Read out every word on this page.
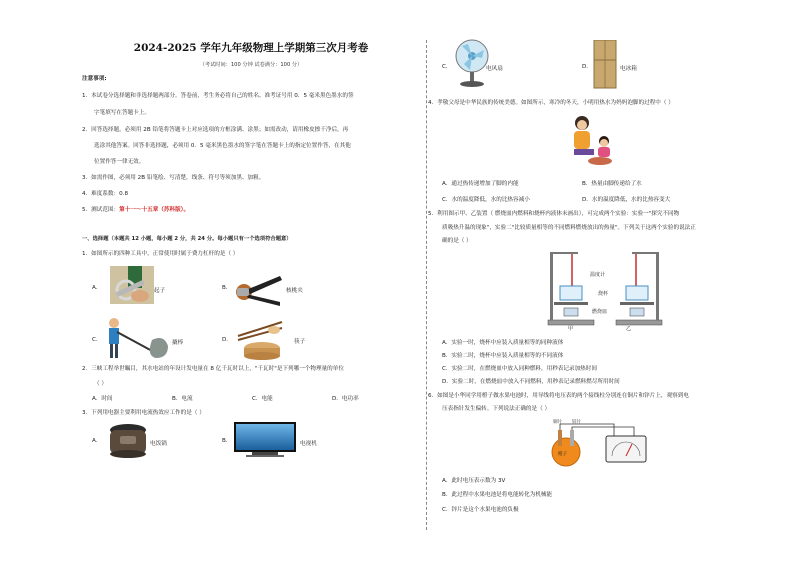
2024-2025 学年九年级物理上学期第三次月考卷
（考试时间：100 分钟 试卷满分：100 分）
注意事项:
1．本试卷分选择题和非选择题两部分。答卷前，考生务必将自己的姓名、准考证号用 0．5 毫米黑色墨水的签
字笔填写在答题卡上。
2．回答选择题，必须用 2B 铅笔将答题卡上对应选项的方框涂满、涂黑；如需改动，请用橡皮擦干净后，再
选涂其他答案。回答非选择题，必须用 0．5 毫米黑色墨水的签字笔在答题卡上的指定位置作答，在其他
位置作答一律无效。
3．如需作图，必须用 2B 铅笔绘、写清楚，线条、符号等须加黑、加粗。
4．难度系数：0.8
5．测试范围：第十一～十五章（苏科版）。
一、选择题（本题共 12 小题，每小题 2 分，共 24 分。每小题只有一个选项符合题意）
1．如图所示的四种工具中，正常使用时属于费力杠杆的是（ ）
A．	起子	B．	核桃夹
C．	撬棒	D．	筷子
2．三峡工程举世瞩目，其水电站的年设计发电量在 8 亿千瓦时以上，"千瓦时"是下列哪一个物理量的单位
（ ）
A．时间	B．电流	C．电能	D．电功率
3．下列用电器主要利用电流热效应工作的是（ ）
A．	电饭锅	B．	电视机
C．	电风扇	D．	电冰箱
4．孝敬父母是中华民族的传统美德。如图所示，寒冷的冬天，小明用热水为妈妈泡脚的过程中（ ）
A．通过热传递增加了脚的内能	B．热量由脚传递给了水
C．水的温度降低，水的比热容减小	D．水的温度降低，水的比热容变大
5．利用图示甲、乙装置（ 燃烧皿内燃料和烧杯内液体未画出），可完成两个实验：实验一"探究不同物
质吸热升温的现象"，实验二"比较质量相等的不同燃料燃烧放出的热量"。下列关于这两个实验的说法正
确的是（ ）
温度计
烧杯
燃烧皿
甲	乙
A．实验一时，烧杯中应装入质量相等的同种液体
B．实验二时，烧杯中应装入质量相等的不同液体
C．实验二时，在燃烧皿中放入同种燃料，用秒表记录加热时间
D．实验二时，在燃烧皿中放入不同燃料，用秒表记录燃料燃尽所用时间
6．如图是小华同学用橙子做水果电池时，用导线将电压表的两个接线柱分别连在铜片和锌片上，观察到电
压表指针发生偏转。下列说法正确的是（ ）
铜片 锌片
橙子
A．此时电压表示数为 3V
B．此过程中水果电池是将电能转化为机械能
C．锌片是这个水果电池的负极
